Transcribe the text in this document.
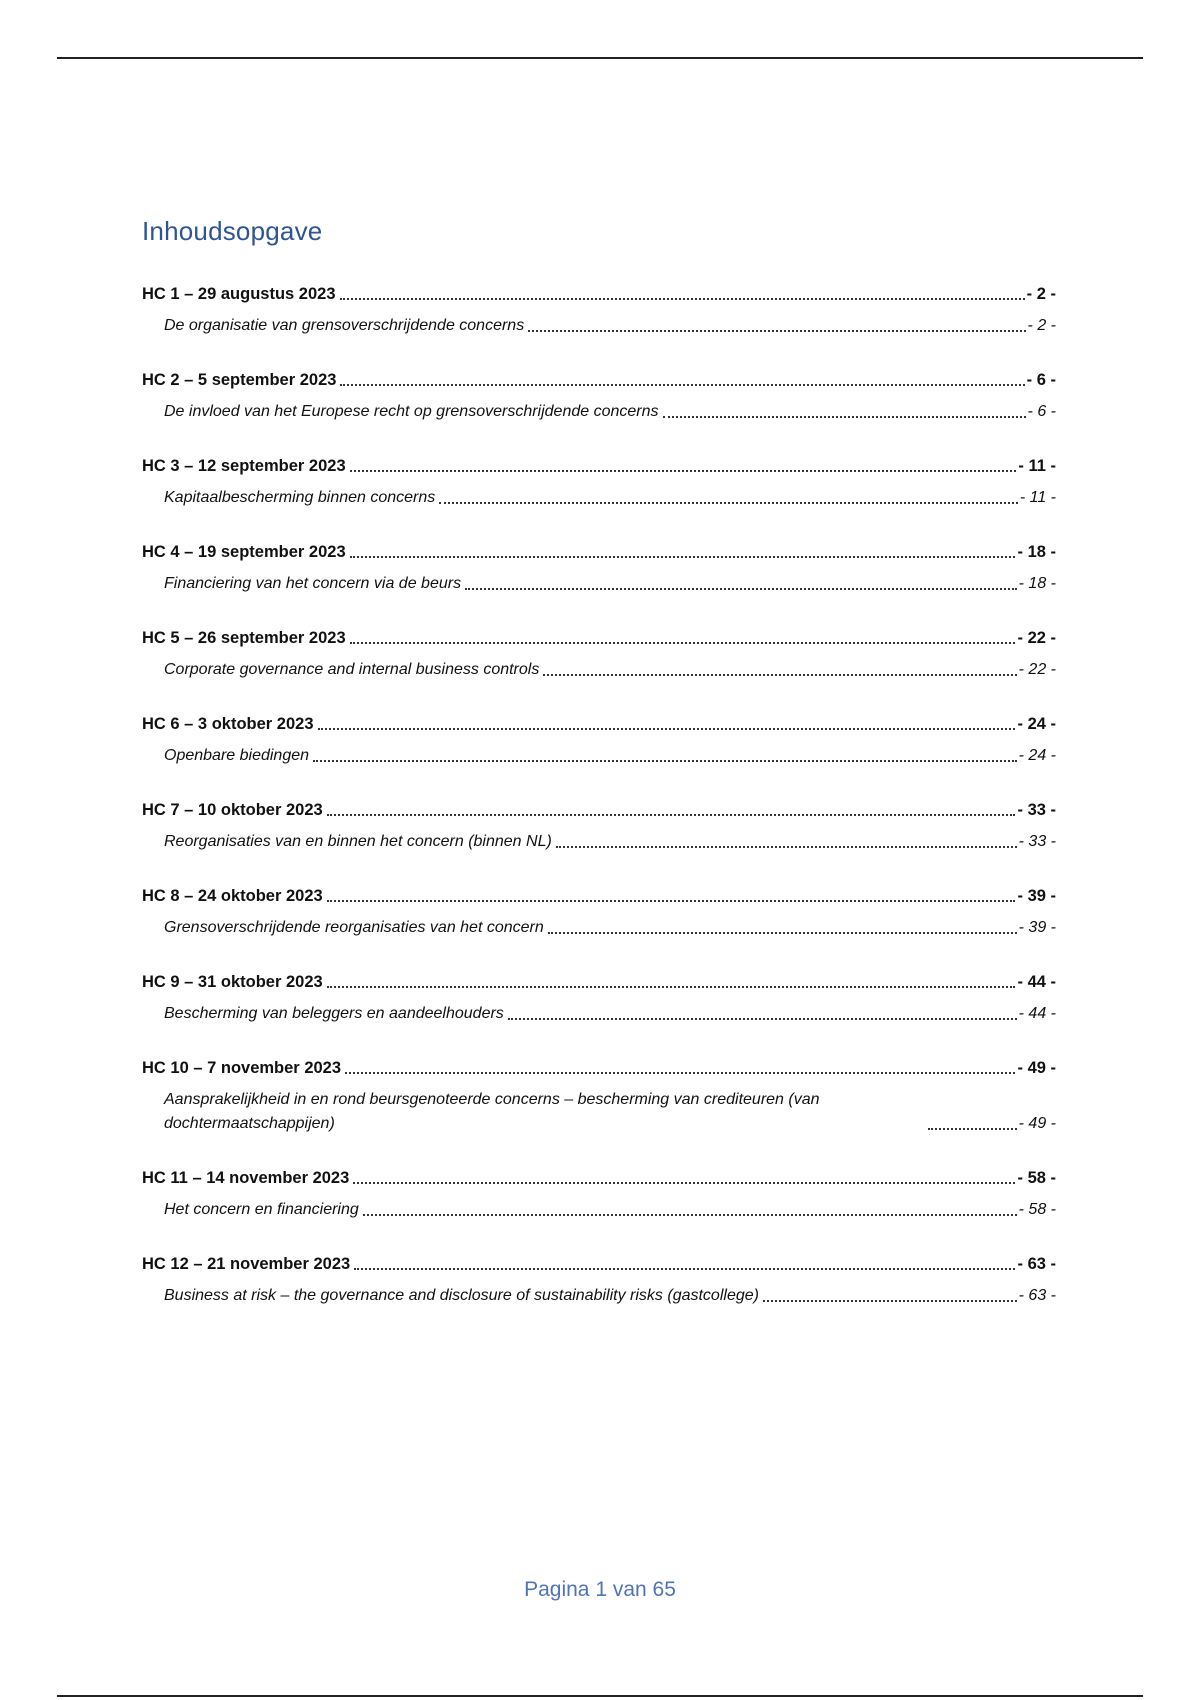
Inhoudsopgave
HC 1 – 29 augustus 2023	- 2 -
De organisatie van grensoverschrijdende concerns	- 2 -
HC 2 – 5 september 2023	- 6 -
De invloed van het Europese recht op grensoverschrijdende concerns	- 6 -
HC 3 – 12 september 2023	- 11 -
Kapitaalbescherming binnen concerns	- 11 -
HC 4 – 19 september 2023	- 18 -
Financiering van het concern via de beurs	- 18 -
HC 5 – 26 september 2023	- 22 -
Corporate governance and internal business controls	- 22 -
HC 6 – 3 oktober 2023	- 24 -
Openbare biedingen	- 24 -
HC 7 – 10 oktober 2023	- 33 -
Reorganisaties van en binnen het concern (binnen NL)	- 33 -
HC 8 – 24 oktober 2023	- 39 -
Grensoverschrijdende reorganisaties van het concern	- 39 -
HC 9 – 31 oktober 2023	- 44 -
Bescherming van beleggers en aandeelhouders	- 44 -
HC 10 – 7 november 2023	- 49 -
Aansprakelijkheid in en rond beursgenoteerde concerns – bescherming van crediteuren (van dochtermaatschappijen)	- 49 -
HC 11 – 14 november 2023	- 58 -
Het concern en financiering	- 58 -
HC 12 – 21 november 2023	- 63 -
Business at risk – the governance and disclosure of sustainability risks (gastcollege)	- 63 -
Pagina 1 van 65
